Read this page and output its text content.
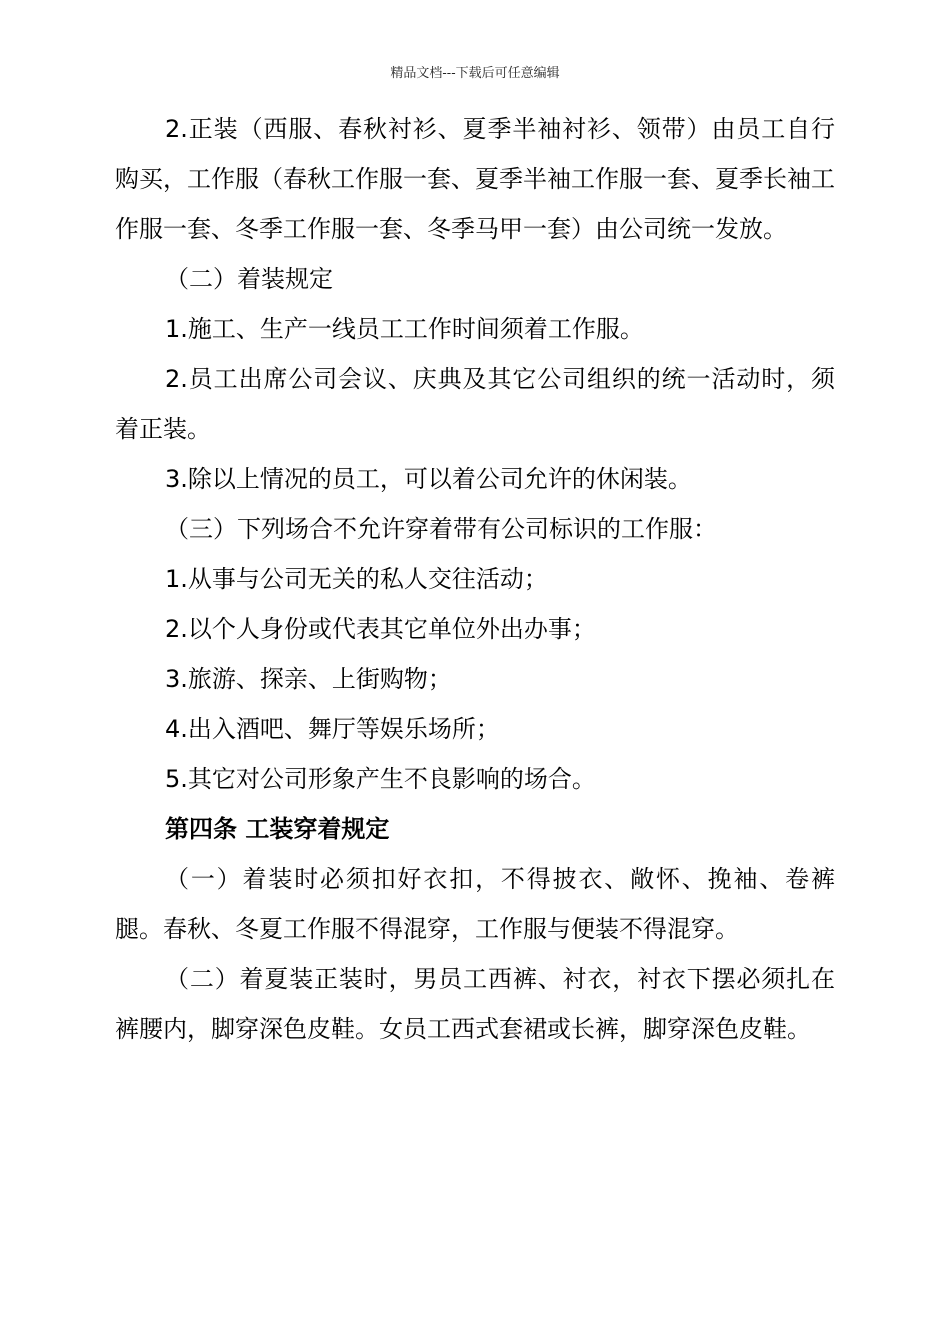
精品文档---下载后可任意编辑

2.正装（西服、春秋衬衫、夏季半袖衬衫、领带）由员工自行购买，工作服（春秋工作服一套、夏季半袖工作服一套、夏季长袖工作服一套、冬季工作服一套、冬季马甲一套）由公司统一发放。

（二）着装规定

1.施工、生产一线员工工作时间须着工作服。

2.员工出席公司会议、庆典及其它公司组织的统一活动时，须着正装。

3.除以上情况的员工，可以着公司允许的休闲装。

（三）下列场合不允许穿着带有公司标识的工作服：

1.从事与公司无关的私人交往活动；

2.以个人身份或代表其它单位外出办事；

3.旅游、探亲、上街购物；

4.出入酒吧、舞厅等娱乐场所；

5.其它对公司形象产生不良影响的场合。

第四条 工装穿着规定

（一）着装时必须扣好衣扣，不得披衣、敞怀、挽袖、卷裤腿。春秋、冬夏工作服不得混穿，工作服与便装不得混穿。

（二）着夏装正装时，男员工西裤、衬衣，衬衣下摆必须扎在裤腰内，脚穿深色皮鞋。女员工西式套裙或长裤，脚穿深色皮鞋。
